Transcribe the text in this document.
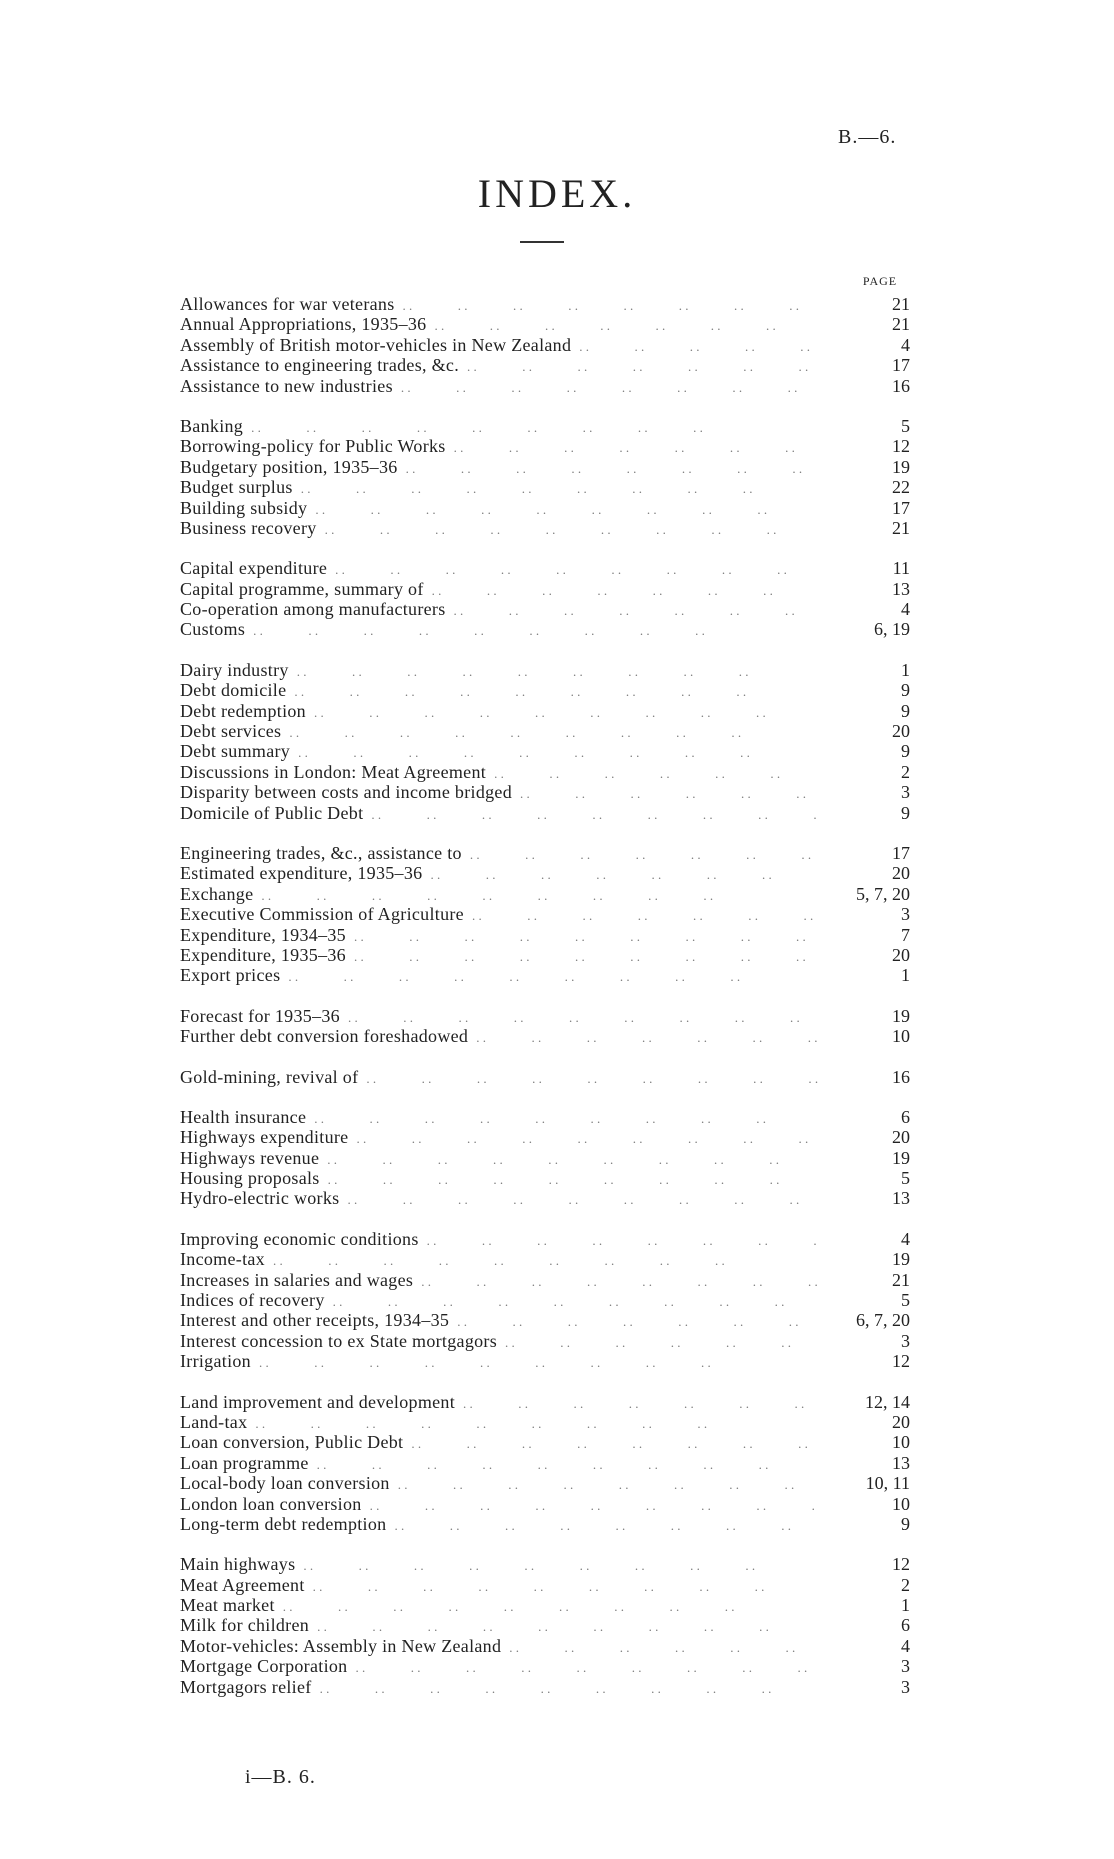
B.—6.
INDEX.
PAGE
Allowances for war veterans . .	21
Annual Appropriations, 1935–36 . .	21
Assembly of British motor-vehicles in New Zealand . .	4
Assistance to engineering trades, &c. . .	17
Assistance to new industries . .	16
Banking . .	5
Borrowing-policy for Public Works . .	12
Budgetary position, 1935–36 . .	19
Budget surplus . .	22
Building subsidy . .	17
Business recovery . .	21
Capital expenditure . .	11
Capital programme, summary of . .	13
Co-operation among manufacturers . .	4
Customs . .	6, 19
Dairy industry . .	1
Debt domicile . .	9
Debt redemption . .	9
Debt services . .	20
Debt summary . .	9
Discussions in London: Meat Agreement . .	2
Disparity between costs and income bridged . .	3
Domicile of Public Debt . .	9
Engineering trades, &c., assistance to . .	17
Estimated expenditure, 1935–36 . .	20
Exchange . .	5, 7, 20
Executive Commission of Agriculture . .	3
Expenditure, 1934–35 . .	7
Expenditure, 1935–36 . .	20
Export prices . .	1
Forecast for 1935–36 . .	19
Further debt conversion foreshadowed . .	10
Gold-mining, revival of . .	16
Health insurance . .	6
Highways expenditure . .	20
Highways revenue . .	19
Housing proposals . .	5
Hydro-electric works . .	13
Improving economic conditions . .	4
Income-tax . .	19
Increases in salaries and wages . .	21
Indices of recovery . .	5
Interest and other receipts, 1934–35 . .	6, 7, 20
Interest concession to ex State mortgagors . .	3
Irrigation . .	12
Land improvement and development . .	12, 14
Land-tax . .	20
Loan conversion, Public Debt . .	10
Loan programme . .	13
Local-body loan conversion . .	10, 11
London loan conversion . .	10
Long-term debt redemption . .	9
Main highways . .	12
Meat Agreement . .	2
Meat market . .	1
Milk for children . .	6
Motor-vehicles: Assembly in New Zealand . .	4
Mortgage Corporation . .	3
Mortgagors relief . .	3
i—B. 6.
